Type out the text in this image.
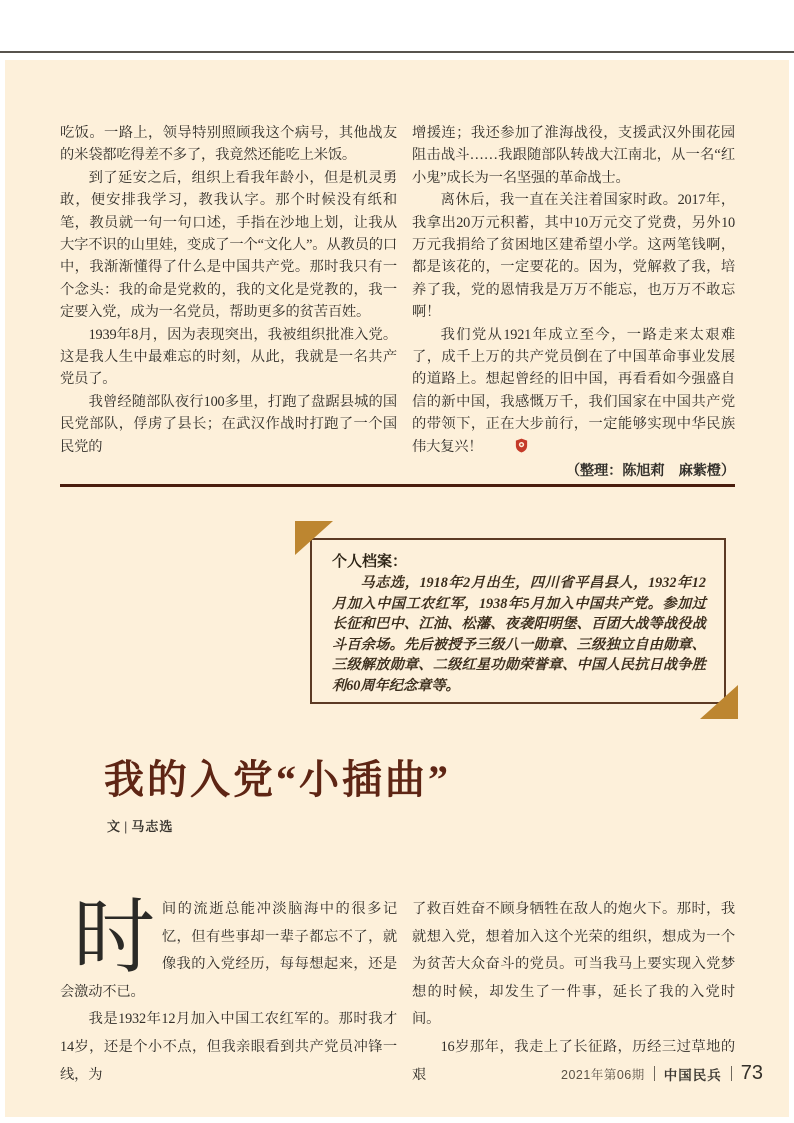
吃饭。一路上，领导特别照顾我这个病号，其他战友的米袋都吃得差不多了，我竟然还能吃上米饭。

到了延安之后，组织上看我年龄小，但是机灵勇敢，便安排我学习，教我认字。那个时候没有纸和笔，教员就一句一句口述，手指在沙地上划，让我从大字不识的山里娃，变成了一个“文化人”。从教员的口中，我渐渐懂得了什么是中国共产党。那时我只有一个念头：我的命是党救的，我的文化是党教的，我一定要入党，成为一名党员，帮助更多的贫苦百姓。

1939年8月，因为表现突出，我被组织批准入党。这是我人生中最难忘的时刻，从此，我就是一名共产党员了。

我曾经随部队夜行100多里，打跑了盘踞县城的国民党部队，俘虏了县长；在武汉作战时打跑了一个国民党的

增援连；我还参加了淮海战役，支援武汉外围花园阻击战斗……我跟随部队转战大江南北，从一名“红小鬼”成长为一名坚强的革命战士。

离休后，我一直在关注着国家时政。2017年，我拿出20万元积蓄，其中10万元交了党费，另外10万元我捐给了贫困地区建希望小学。这两笔钱啊，都是该花的，一定要花的。因为，党解救了我，培养了我，党的恩情我是万万不能忘，也万万不敢忘啊！

我们党从1921年成立至今，一路走来太艰难了，成千上万的共产党员倒在了中国革命事业发展的道路上。想起曾经的旧中国，再看看如今强盛自信的新中国，我感慨万千，我们国家在中国共产党的带领下，正在大步前行，一定能够实现中华民族伟大复兴！

（整理：陈旭莉　麻紫橙）

个人档案：

马志选，1918年2月出生，四川省平昌县人，1932年12月加入中国工农红军，1938年5月加入中国共产党。参加过长征和巴中、江油、松藩、夜袭阳明堡、百团大战等战役战斗百余场。先后被授予三级八一勋章、三级独立自由勋章、三级解放勋章、二级红星功勋荣誉章、中国人民抗日战争胜利60周年纪念章等。

我的入党“小插曲”
文 | 马志选

时间的流逝总能冲淡脑海中的很多记忆，但有些事却一辈子都忘不了，就像我的入党经历，每每想起来，还是会激动不已。

我是1932年12月加入中国工农红军的。那时我才14岁，还是个小不点，但我亲眼看到共产党员冲锋一线，为

了救百姓奋不顾身牺牲在敌人的炮火下。那时，我就想入党，想着加入这个光荣的组织，想成为一个为贫苦大众奋斗的党员。可当我马上要实现入党梦想的时候，却发生了一件事，延长了我的入党时间。

16岁那年，我走上了长征路，历经三过草地的艰	2021年第06期 中国民兵 73
